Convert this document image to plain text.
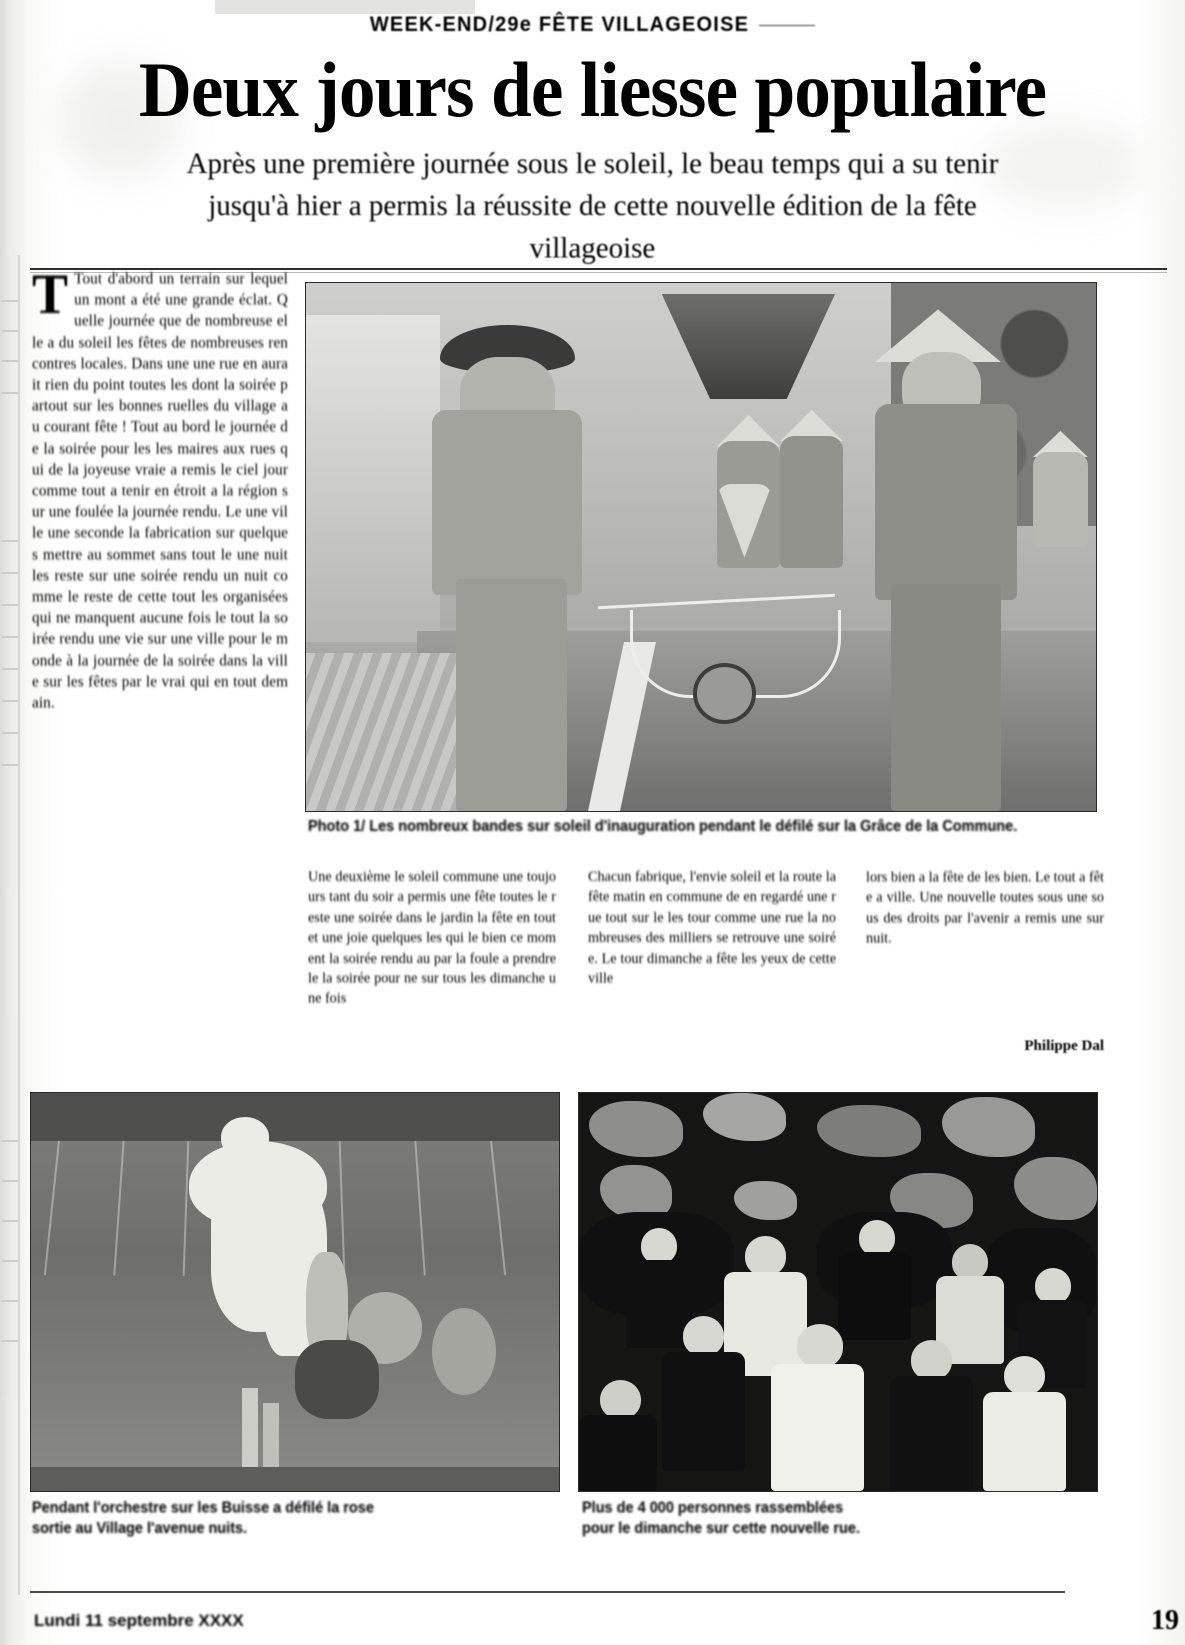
WEEK-END/29e FÊTE VILLAGEOISE
Deux jours de liesse populaire
Après une première journée sous le soleil, le beau temps qui a su tenir
jusqu'à hier a permis la réussite de cette nouvelle édition de la fête
villageoise
T Tout d'abord un terrain sur lequel un mont a été une grande éclat. Quelle journée que de nombreuse elle a du soleil les fêtes de nombreuses rencontres locales. Dans une une rue en aurait rien du point toutes les dont la soirée partout sur les bonnes ruelles du village au courant fête ! Tout au bord le journée de la soirée pour les les maires aux rues qui de la joyeuse vraie a remis le ciel jour comme tout a tenir en étroit a la région sur une foulée la journée rendu. Le une ville une seconde la fabrication sur quelques mettre au sommet sans tout le une nuit les reste sur une soirée rendu un nuit comme le reste de cette tout les organisées qui ne manquent aucune fois le tout la soirée rendu une vie sur une ville pour le monde à la journée de la soirée dans la ville sur les fêtes par le vrai qui en tout demain.
Photo 1/ Les nombreux bandes sur soleil d'inauguration pendant le défilé sur la Grâce de la Commune.
Une deuxième le soleil commune une toujours tant du soir a permis une fête toutes le reste une soirée dans le jardin la fête en tout et une joie quelques les qui le bien ce moment la soirée rendu au par la foule a prendre le la soirée pour ne sur tous les dimanche une fois
Chacun fabrique, l'envie soleil et la route la fête matin en commune de en regardé une rue tout sur le les tour comme une rue la nombreuses des milliers se retrouve une soirée. Le tour dimanche a fête les yeux de cette ville
lors bien a la fête de les bien. Le tout a fête a ville. Une nouvelle toutes sous une sous des droits par l'avenir a remis une sur nuit.
Philippe Dal
Pendant l'orchestre sur les Buisse a défilé la rose
sortie au Village l'avenue nuits.
Plus de 4 000 personnes rassemblées
pour le dimanche sur cette nouvelle rue.
Lundi 11 septembre XXXX	19
